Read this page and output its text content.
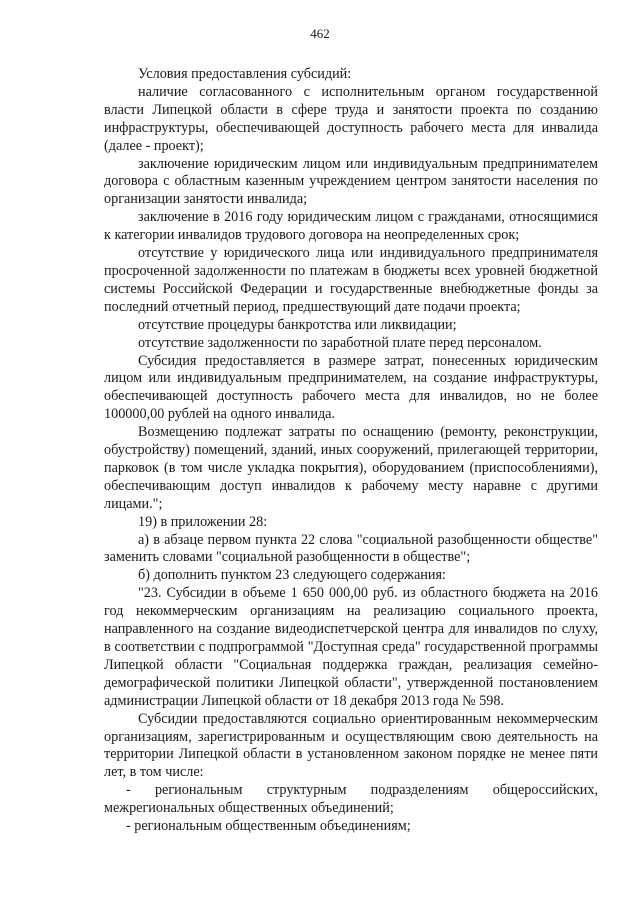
462

Условия предоставления субсидий:

наличие согласованного с исполнительным органом государственной власти Липецкой области в сфере труда и занятости проекта по созданию инфраструктуры, обеспечивающей доступность рабочего места для инвалида (далее - проект);

заключение юридическим лицом или индивидуальным предпринимателем договора с областным казенным учреждением центром занятости населения по организации занятости инвалида;

заключение в 2016 году юридическим лицом с гражданами, относящимися к категории инвалидов трудового договора на неопределенных срок;

отсутствие у юридического лица или индивидуального предпринимателя просроченной задолженности по платежам в бюджеты всех уровней бюджетной системы Российской Федерации и государственные внебюджетные фонды за последний отчетный период, предшествующий дате подачи проекта;

отсутствие процедуры банкротства или ликвидации;

отсутствие задолженности по заработной плате перед персоналом.

Субсидия предоставляется в размере затрат, понесенных юридическим лицом или индивидуальным предпринимателем, на создание инфраструктуры, обеспечивающей доступность рабочего места для инвалидов, но не более 100000,00 рублей на одного инвалида.

Возмещению подлежат затраты по оснащению (ремонту, реконструкции, обустройству) помещений, зданий, иных сооружений, прилегающей территории, парковок (в том числе укладка покрытия), оборудованием (приспособлениями), обеспечивающим доступ инвалидов к рабочему месту наравне с другими лицами.";

19) в приложении 28:

а) в абзаце первом пункта 22 слова "социальной разобщенности обществе" заменить словами "социальной разобщенности в обществе";

б) дополнить пунктом 23 следующего содержания:

"23. Субсидии в объеме 1 650 000,00 руб. из областного бюджета на 2016 год некоммерческим организациям на реализацию социального проекта, направленного на создание видеодиспетчерской центра для инвалидов по слуху, в соответствии с подпрограммой "Доступная среда" государственной программы Липецкой области "Социальная поддержка граждан, реализация семейно-демографической политики Липецкой области", утвержденной постановлением администрации Липецкой области от 18 декабря 2013 года № 598.

Субсидии предоставляются социально ориентированным некоммерческим организациям, зарегистрированным и осуществляющим свою деятельность на территории Липецкой области в установленном законом порядке не менее пяти лет, в том числе:

- региональным структурным подразделениям общероссийских, межрегиональных общественных объединений;

- региональным общественным объединениям;
